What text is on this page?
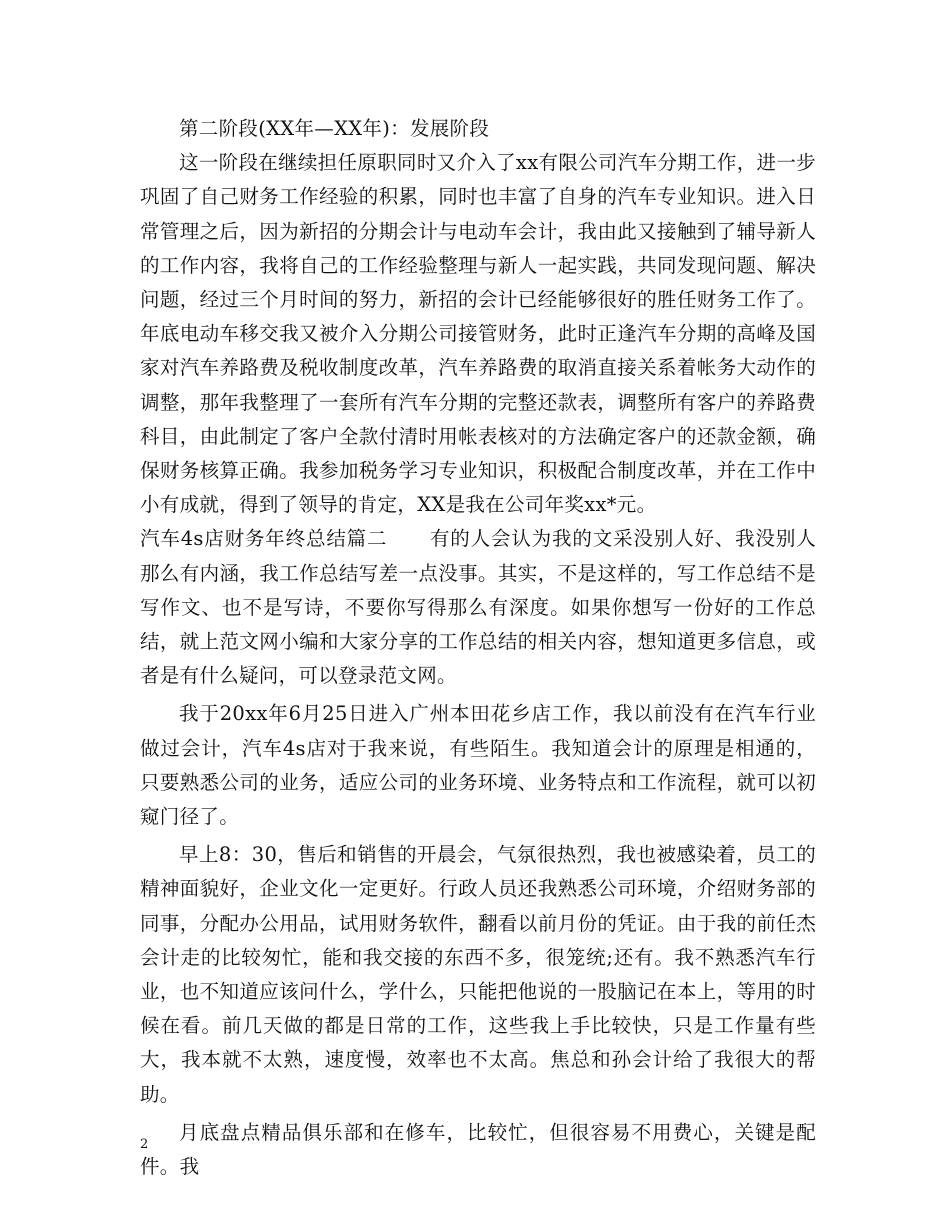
第二阶段(XX年—XX年)：发展阶段

这一阶段在继续担任原职同时又介入了xx有限公司汽车分期工作，进一步巩固了自己财务工作经验的积累，同时也丰富了自身的汽车专业知识。进入日常管理之后，因为新招的分期会计与电动车会计，我由此又接触到了辅导新人的工作内容，我将自己的工作经验整理与新人一起实践，共同发现问题、解决问题，经过三个月时间的努力，新招的会计已经能够很好的胜任财务工作了。年底电动车移交我又被介入分期公司接管财务，此时正逢汽车分期的高峰及国家对汽车养路费及税收制度改革，汽车养路费的取消直接关系着帐务大动作的调整，那年我整理了一套所有汽车分期的完整还款表，调整所有客户的养路费科目，由此制定了客户全款付清时用帐表核对的方法确定客户的还款金额，确保财务核算正确。我参加税务学习专业知识，积极配合制度改革，并在工作中小有成就，得到了领导的肯定，XX是我在公司年奖xx*元。

汽车4s店财务年终总结篇二 有的人会认为我的文采没别人好、我没别人那么有内涵，我工作总结写差一点没事。其实，不是这样的，写工作总结不是写作文、也不是写诗，不要你写得那么有深度。如果你想写一份好的工作总结，就上范文网小编和大家分享的工作总结的相关内容，想知道更多信息，或者是有什么疑问，可以登录范文网。

我于20xx年6月25日进入广州本田花乡店工作，我以前没有在汽车行业做过会计，汽车4s店对于我来说，有些陌生。我知道会计的原理是相通的，只要熟悉公司的业务，适应公司的业务环境、业务特点和工作流程，就可以初窥门径了。

早上8：30，售后和销售的开晨会，气氛很热烈，我也被感染着，员工的精神面貌好，企业文化一定更好。行政人员还我熟悉公司环境，介绍财务部的同事，分配办公用品，试用财务软件，翻看以前月份的凭证。由于我的前任杰会计走的比较匆忙，能和我交接的东西不多，很笼统;还有。我不熟悉汽车行业，也不知道应该问什么，学什么，只能把他说的一股脑记在本上，等用的时候在看。前几天做的都是日常的工作，这些我上手比较快，只是工作量有些大，我本就不太熟，速度慢，效率也不太高。焦总和孙会计给了我很大的帮助。

月底盘点精品俱乐部和在修车，比较忙，但很容易不用费心，关键是配件。我

2
